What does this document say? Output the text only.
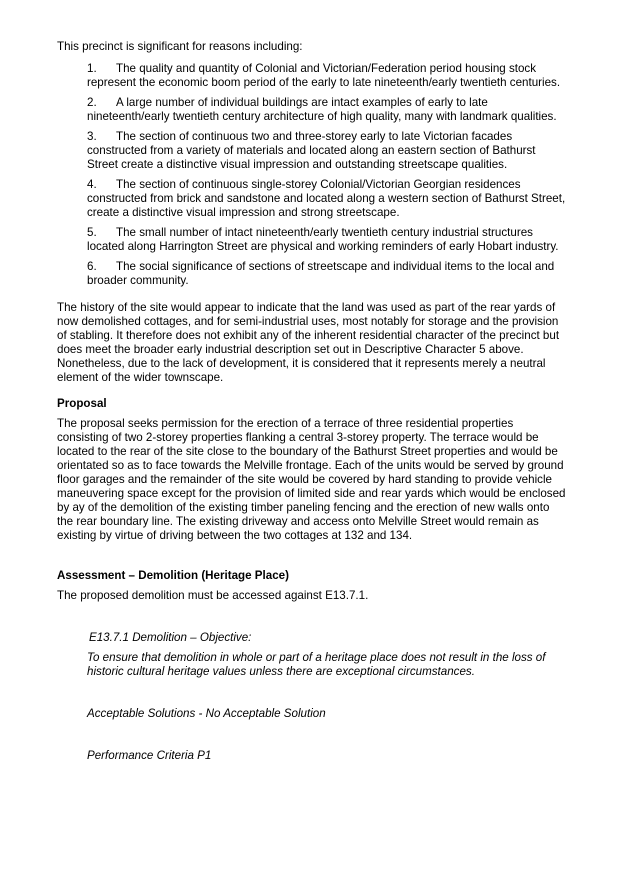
This precinct is significant for reasons including:

1. The quality and quantity of Colonial and Victorian/Federation period housing stock represent the economic boom period of the early to late nineteenth/early twentieth centuries.
2. A large number of individual buildings are intact examples of early to late nineteenth/early twentieth century architecture of high quality, many with landmark qualities.
3. The section of continuous two and three-storey early to late Victorian facades constructed from a variety of materials and located along an eastern section of Bathurst Street create a distinctive visual impression and outstanding streetscape qualities.
4. The section of continuous single-storey Colonial/Victorian Georgian residences constructed from brick and sandstone and located along a western section of Bathurst Street, create a distinctive visual impression and strong streetscape.
5. The small number of intact nineteenth/early twentieth century industrial structures located along Harrington Street are physical and working reminders of early Hobart industry.
6. The social significance of sections of streetscape and individual items to the local and broader community.

The history of the site would appear to indicate that the land was used as part of the rear yards of now demolished cottages, and for semi-industrial uses, most notably for storage and the provision of stabling. It therefore does not exhibit any of the inherent residential character of the precinct but does meet the broader early industrial description set out in Descriptive Character 5 above. Nonetheless, due to the lack of development, it is considered that it represents merely a neutral element of the wider townscape.

Proposal

The proposal seeks permission for the erection of a terrace of three residential properties consisting of two 2-storey properties flanking a central 3-storey property. The terrace would be located to the rear of the site close to the boundary of the Bathurst Street properties and would be orientated so as to face towards the Melville frontage. Each of the units would be served by ground floor garages and the remainder of the site would be covered by hard standing to provide vehicle maneuvering space except for the provision of limited side and rear yards which would be enclosed by ay of the demolition of the existing timber paneling fencing and the erection of new walls onto the rear boundary line. The existing driveway and access onto Melville Street would remain as existing by virtue of driving between the two cottages at 132 and 134.

Assessment – Demolition (Heritage Place)

The proposed demolition must be accessed against E13.7.1.

E13.7.1 Demolition – Objective:

To ensure that demolition in whole or part of a heritage place does not result in the loss of historic cultural heritage values unless there are exceptional circumstances.

Acceptable Solutions - No Acceptable Solution

Performance Criteria P1
